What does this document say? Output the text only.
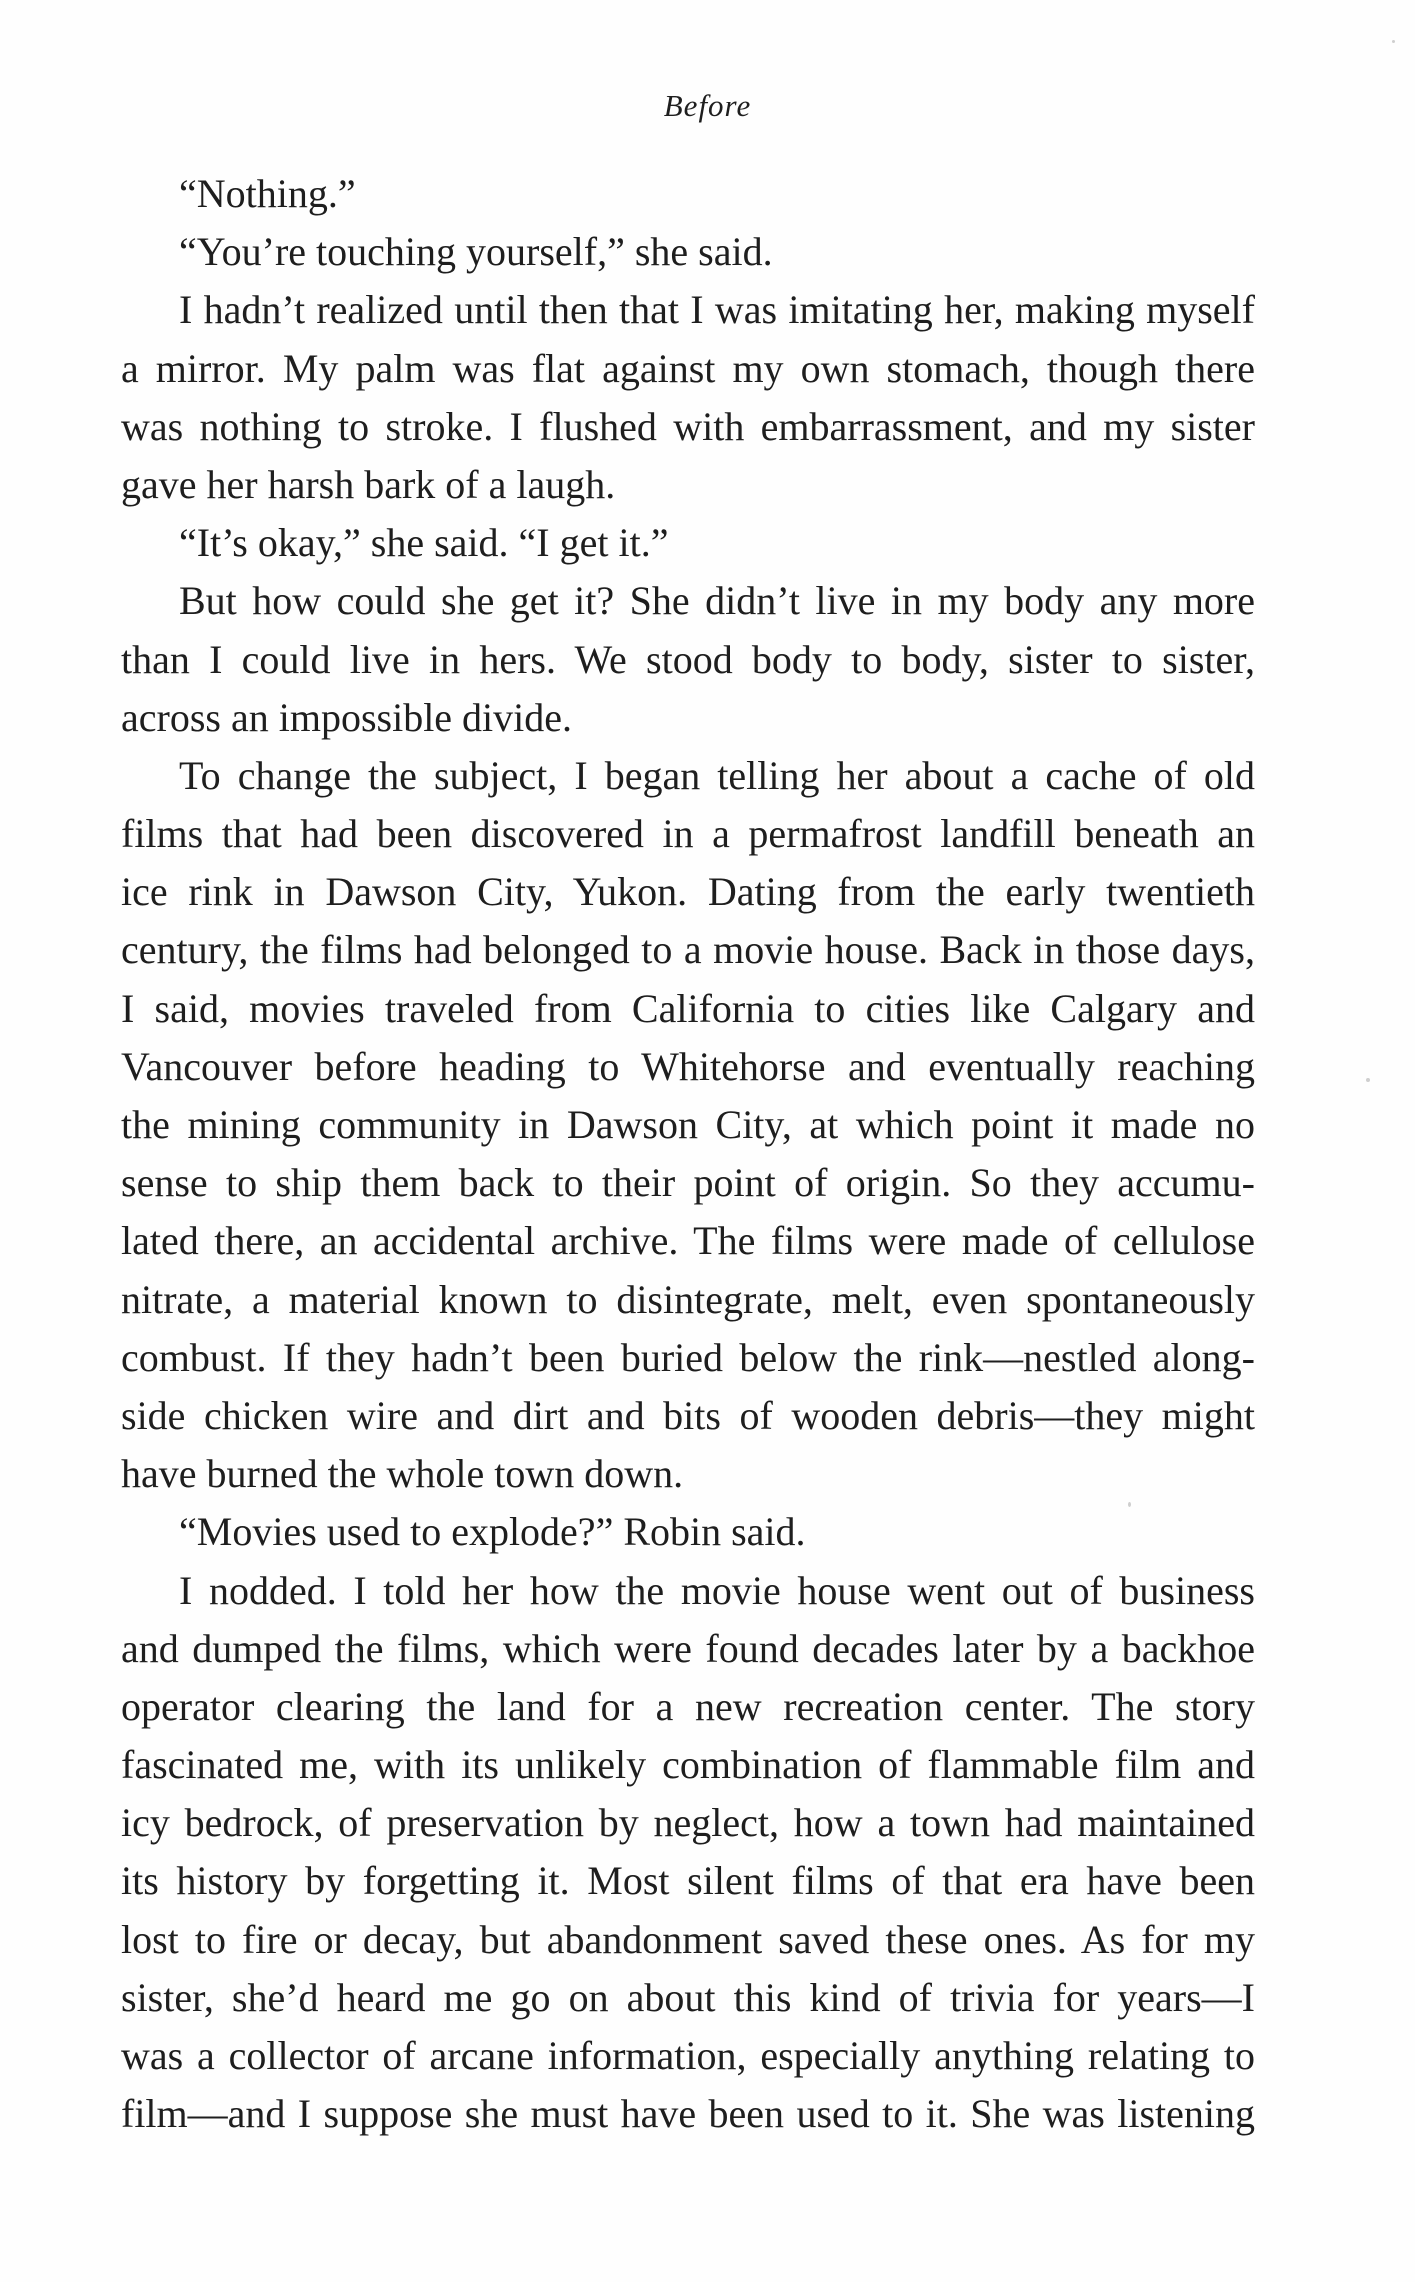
Before
“Nothing.”
“You’re touching yourself,” she said.
I hadn’t realized until then that I was imitating her, making myself
a mirror. My palm was flat against my own stomach, though there
was nothing to stroke. I flushed with embarrassment, and my sister
gave her harsh bark of a laugh.
“It’s okay,” she said. “I get it.”
But how could she get it? She didn’t live in my body any more
than I could live in hers. We stood body to body, sister to sister,
across an impossible divide.
To change the subject, I began telling her about a cache of old
films that had been discovered in a permafrost landfill beneath an
ice rink in Dawson City, Yukon. Dating from the early twentieth
century, the films had belonged to a movie house. Back in those days,
I said, movies traveled from California to cities like Calgary and
Vancouver before heading to Whitehorse and eventually reaching
the mining community in Dawson City, at which point it made no
sense to ship them back to their point of origin. So they accumu-
lated there, an accidental archive. The films were made of cellulose
nitrate, a material known to disintegrate, melt, even spontaneously
combust. If they hadn’t been buried below the rink—nestled along-
side chicken wire and dirt and bits of wooden debris—they might
have burned the whole town down.
“Movies used to explode?” Robin said.
I nodded. I told her how the movie house went out of business
and dumped the films, which were found decades later by a backhoe
operator clearing the land for a new recreation center. The story
fascinated me, with its unlikely combination of flammable film and
icy bedrock, of preservation by neglect, how a town had maintained
its history by forgetting it. Most silent films of that era have been
lost to fire or decay, but abandonment saved these ones. As for my
sister, she’d heard me go on about this kind of trivia for years—I
was a collector of arcane information, especially anything relating to
film—and I suppose she must have been used to it. She was listening
